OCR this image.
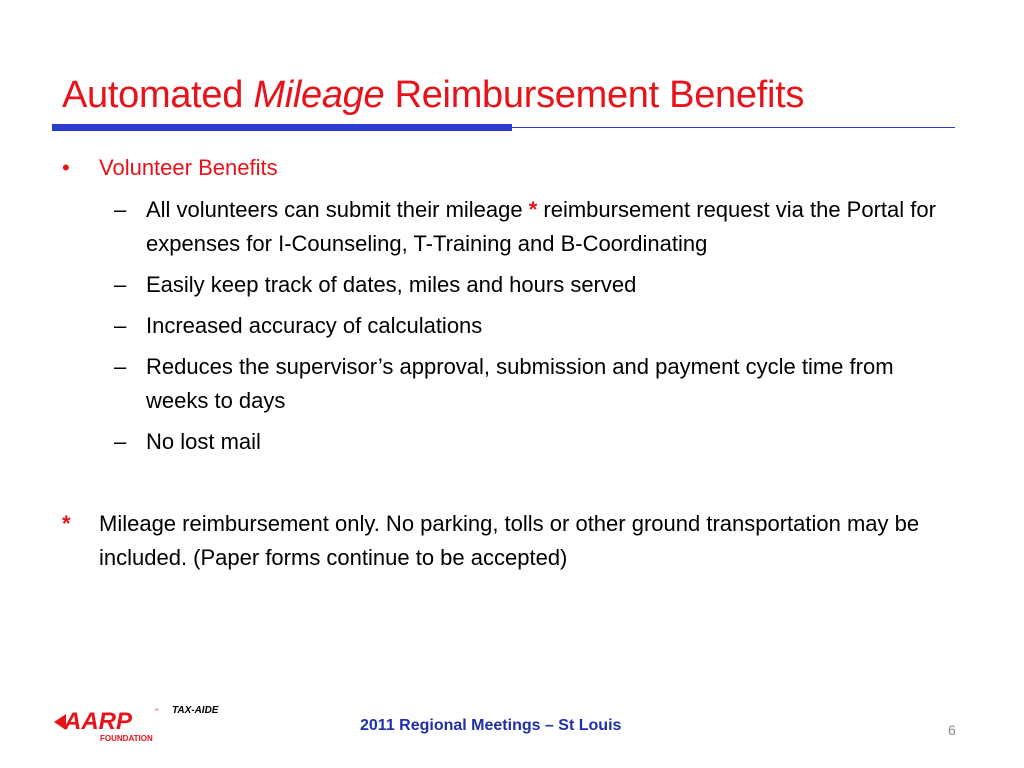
Automated Mileage Reimbursement Benefits
• Volunteer Benefits
– All volunteers can submit their mileage * reimbursement request via the Portal for expenses for I-Counseling, T-Training and B-Coordinating
– Easily keep track of dates, miles and hours served
– Increased accuracy of calculations
– Reduces the supervisor’s approval, submission and payment cycle time from weeks to days
– No lost mail
* Mileage reimbursement only. No parking, tolls or other ground transportation may be included. (Paper forms continue to be accepted)
AARP	™
FOUNDATION
TAX-AIDE
2011 Regional Meetings – St Louis	6
